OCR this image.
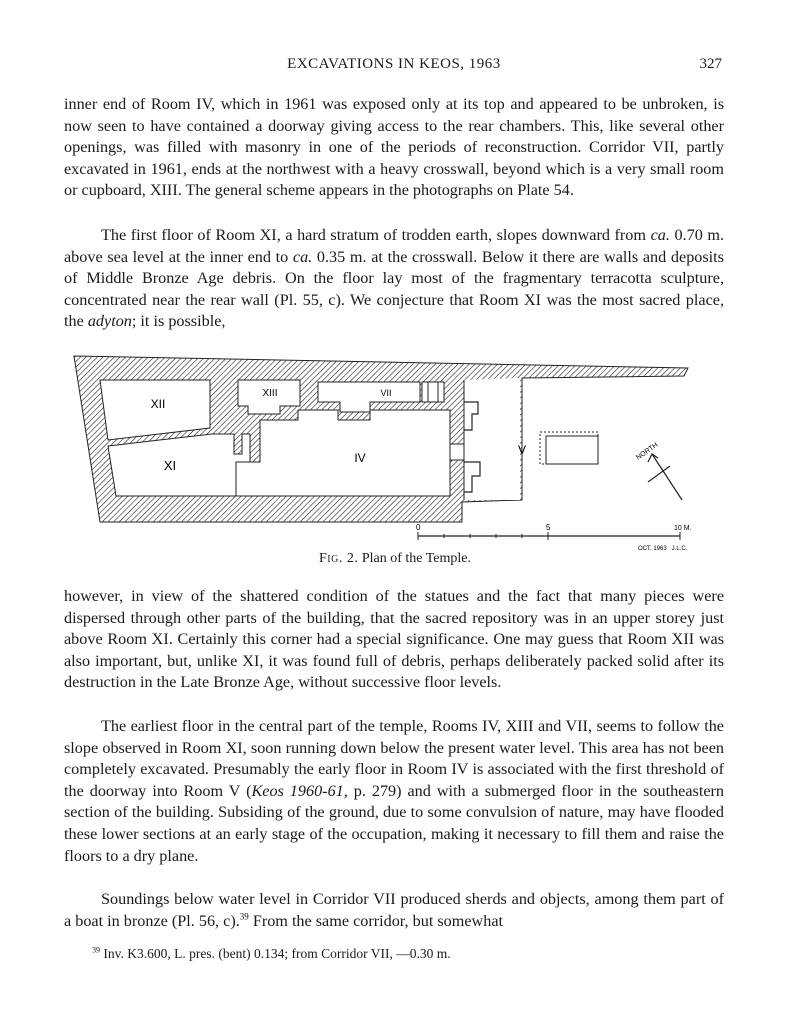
EXCAVATIONS IN KEOS, 1963	327

inner end of Room IV, which in 1961 was exposed only at its top and appeared to be unbroken, is now seen to have contained a doorway giving access to the rear chambers. This, like several other openings, was filled with masonry in one of the periods of reconstruction. Corridor VII, partly excavated in 1961, ends at the northwest with a heavy crosswall, beyond which is a very small room or cupboard, XIII. The general scheme appears in the photographs on Plate 54.

The first floor of Room XI, a hard stratum of trodden earth, slopes downward from ca. 0.70 m. above sea level at the inner end to ca. 0.35 m. at the crosswall. Below it there are walls and deposits of Middle Bronze Age debris. On the floor lay most of the fragmentary terracotta sculpture, concentrated near the rear wall (Pl. 55, c). We conjecture that Room XI was the most sacred place, the adyton; it is possible,

XII
XIII	VII
XI	IV
V	NORTH
0	5	10 M.
OCT. 1963   J.L.C.
Fig. 2. Plan of the Temple.

however, in view of the shattered condition of the statues and the fact that many pieces were dispersed through other parts of the building, that the sacred repository was in an upper storey just above Room XI. Certainly this corner had a special significance. One may guess that Room XII was also important, but, unlike XI, it was found full of debris, perhaps deliberately packed solid after its destruction in the Late Bronze Age, without successive floor levels.

The earliest floor in the central part of the temple, Rooms IV, XIII and VII, seems to follow the slope observed in Room XI, soon running down below the present water level. This area has not been completely excavated. Presumably the early floor in Room IV is associated with the first threshold of the doorway into Room V (Keos 1960-61, p. 279) and with a submerged floor in the southeastern section of the building. Subsiding of the ground, due to some convulsion of nature, may have flooded these lower sections at an early stage of the occupation, making it necessary to fill them and raise the floors to a dry plane.

Soundings below water level in Corridor VII produced sherds and objects, among them part of a boat in bronze (Pl. 56, c).$^{39}$ From the same corridor, but somewhat

$^{39}$ Inv. K3.600, L. pres. (bent) 0.134; from Corridor VII, —0.30 m.
